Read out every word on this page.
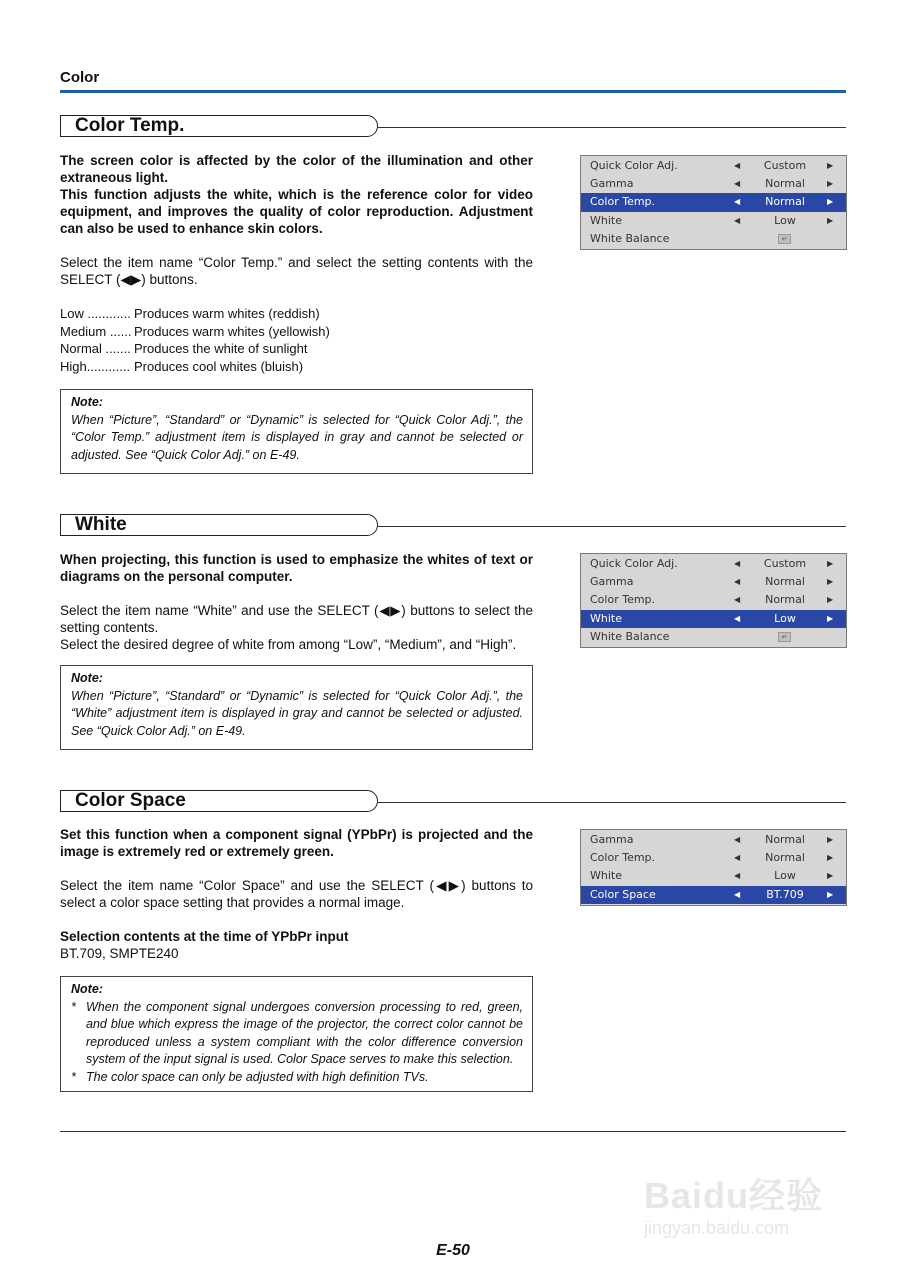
Color
Color Temp.
The screen color is affected by the color of the illumination and other extraneous light.
This function adjusts the white, which is the reference color for video equipment, and improves the quality of color reproduction. Adjustment can also be used to enhance skin colors.
Select the item name “Color Temp.” and select the setting contents with the SELECT (◀▶) buttons.
Low ............ Produces warm whites (reddish)
Medium ...... Produces warm whites (yellowish)
Normal ....... Produces the white of sunlight
High............ Produces cool whites (bluish)
Note:
When “Picture”, “Standard” or “Dynamic” is selected for “Quick Color Adj.”, the “Color Temp.” adjustment item is displayed in gray and cannot be selected or adjusted. See “Quick Color Adj.” on E-49.
Quick Color Adj.	◀	Custom	▶
Gamma	◀	Normal	▶
Color Temp.	◀	Normal	▶
White	◀	Low	▶
White Balance	↵
White
When projecting, this function is used to emphasize the whites of text or diagrams on the personal computer.
Select the item name “White” and use the SELECT (◀▶) buttons to select the setting contents.
Select the desired degree of white from among “Low”, “Medium”, and “High”.
Note:
When “Picture”, “Standard” or “Dynamic” is selected for “Quick Color Adj.”, the “White” adjustment item is displayed in gray and cannot be selected or adjusted. See “Quick Color Adj.” on E-49.
Quick Color Adj.	◀	Custom	▶
Gamma	◀	Normal	▶
Color Temp.	◀	Normal	▶
White	◀	Low	▶
White Balance	↵
Color Space
Set this function when a component signal (YPbPr) is projected and the image is extremely red or extremely green.
Select the item name “Color Space” and use the SELECT (◀▶) buttons to select a color space setting that provides a normal image.
Selection contents at the time of YPbPr input
BT.709, SMPTE240
Note:
* When the component signal undergoes conversion processing to red, green, and blue which express the image of the projector, the correct color cannot be reproduced unless a system compliant with the color difference conversion system of the input signal is used. Color Space serves to make this selection.
* The color space can only be adjusted with high definition TVs.
Gamma	◀	Normal	▶
Color Temp.	◀	Normal	▶
White	◀	Low	▶
Color Space	◀	BT.709	▶
Baidu经验
jingyan.baidu.com
E-50
